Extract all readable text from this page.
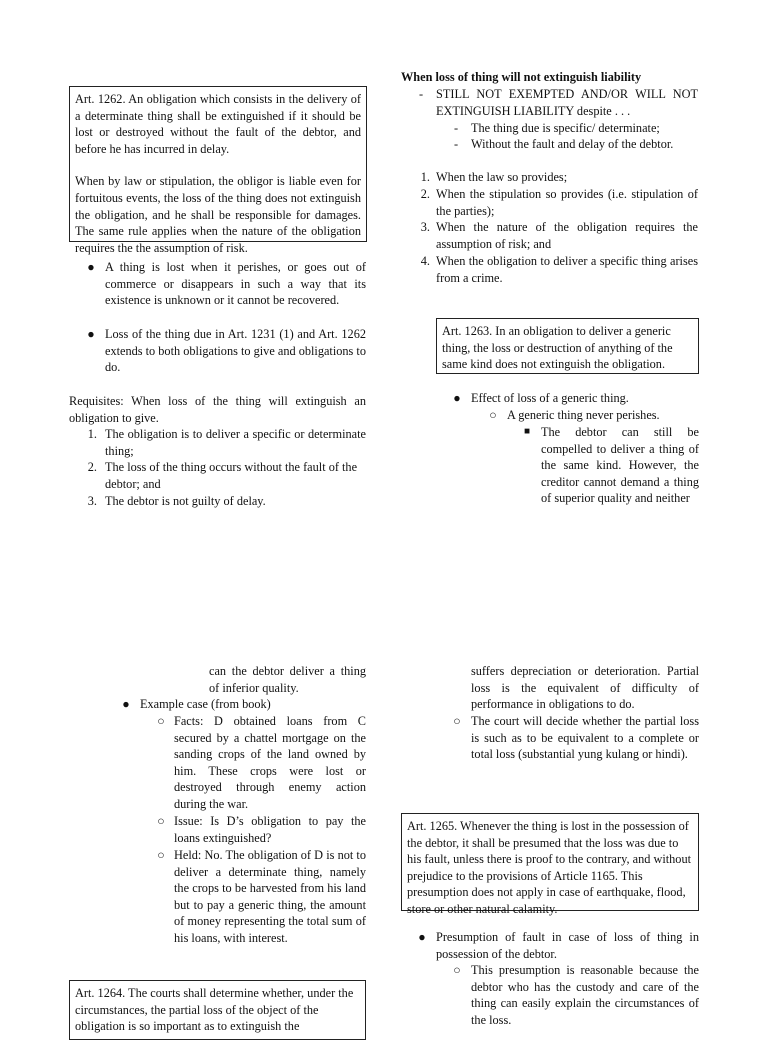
Art. 1262. An obligation which consists in the delivery of a determinate thing shall be extinguished if it should be lost or destroyed without the fault of the debtor, and before he has incurred in delay.

When by law or stipulation, the obligor is liable even for fortuitous events, the loss of the thing does not extinguish the obligation, and he shall be responsible for damages. The same rule applies when the nature of the obligation requires the the assumption of risk.

● A thing is lost when it perishes, or goes out of commerce or disappears in such a way that its existence is unknown or it cannot be recovered.
● Loss of the thing due in Art. 1231 (1) and Art. 1262 extends to both obligations to give and obligations to do.
Requisites: When loss of the thing will extinguish an obligation to give.
1. The obligation is to deliver a specific or determinate thing;
2. The loss of the thing occurs without the fault of the debtor; and
3. The debtor is not guilty of delay.
When loss of thing will not extinguish liability
- STILL NOT EXEMPTED AND/OR WILL NOT EXTINGUISH LIABILITY despite . . .
- The thing due is specific/ determinate;
- Without the fault and delay of the debtor.
1. When the law so provides;
2. When the stipulation so provides (i.e. stipulation of the parties);
3. When the nature of the obligation requires the assumption of risk; and
4. When the obligation to deliver a specific thing arises from a crime.
Art. 1263. In an obligation to deliver a generic thing, the loss or destruction of anything of the same kind does not extinguish the obligation.
● Effect of loss of a generic thing.
○ A generic thing never perishes.
■ The debtor can still be compelled to deliver a thing of the same kind. However, the creditor cannot demand a thing of superior quality and neither
can the debtor deliver a thing of inferior quality.
● Example case (from book)
○ Facts: D obtained loans from C secured by a chattel mortgage on the sanding crops of the land owned by him. These crops were lost or destroyed through enemy action during the war.
○ Issue: Is D’s obligation to pay the loans extinguished?
○ Held: No. The obligation of D is not to deliver a determinate thing, namely the crops to be harvested from his land but to pay a generic thing, the amount of money representing the total sum of his loans, with interest.
Art. 1264. The courts shall determine whether, under the circumstances, the partial loss of the object of the obligation is so important as to extinguish the
suffers depreciation or deterioration. Partial loss is the equivalent of difficulty of performance in obligations to do.
○ The court will decide whether the partial loss is such as to be equivalent to a complete or total loss (substantial yung kulang or hindi).
Art. 1265. Whenever the thing is lost in the possession of the debtor, it shall be presumed that the loss was due to his fault, unless there is proof to the contrary, and without prejudice to the provisions of Article 1165. This presumption does not apply in case of earthquake, flood, store or other natural calamity.
● Presumption of fault in case of loss of thing in possession of the debtor.
○ This presumption is reasonable because the debtor who has the custody and care of the thing can easily explain the circumstances of the loss.
